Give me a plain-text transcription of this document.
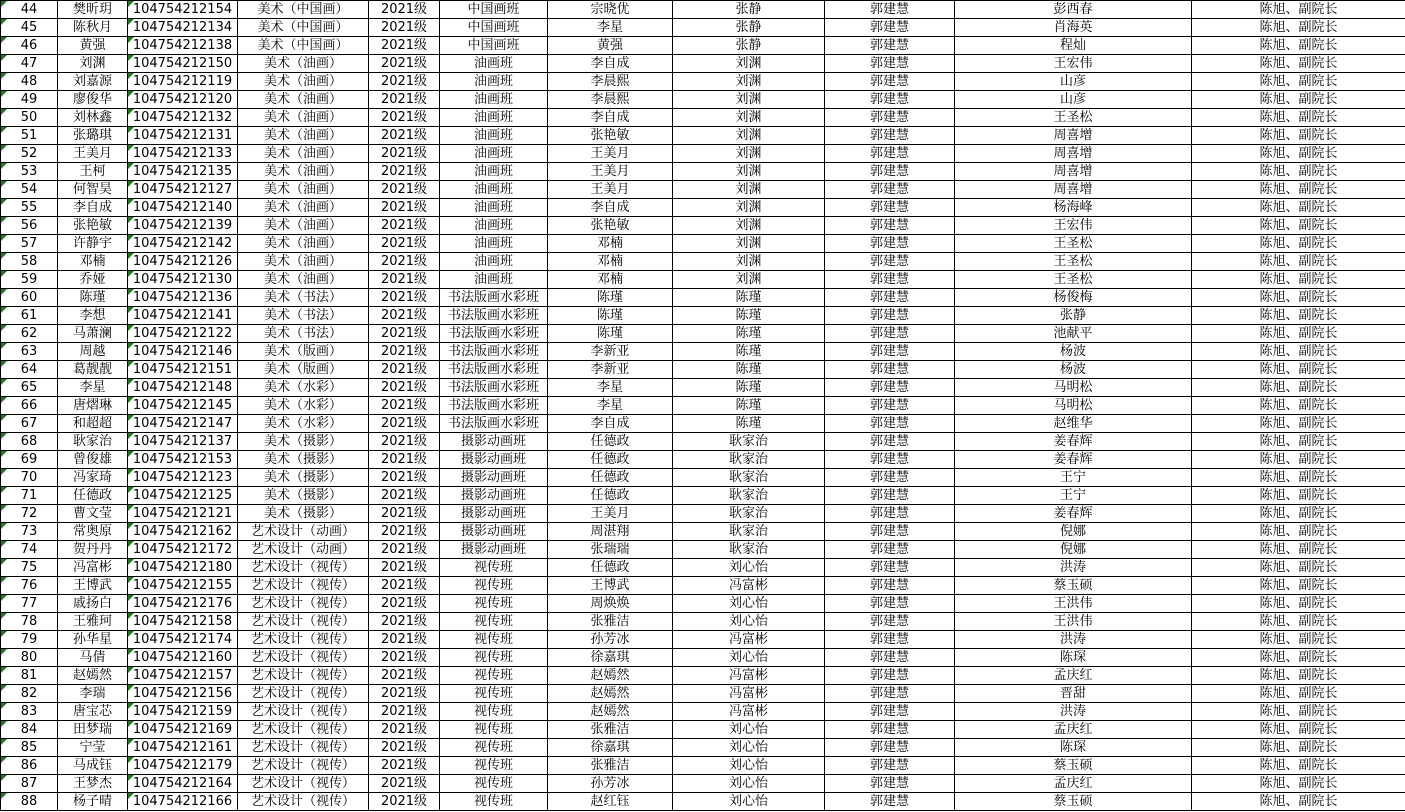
44	樊昕玥	104754212154	美术（中国画）	2021级	中国画班	宗晓优	张静	郭建慧	彭西春	陈旭、副院长
45	陈秋月	104754212134	美术（中国画）	2021级	中国画班	李星	张静	郭建慧	肖海英	陈旭、副院长
46	黄强	104754212138	美术（中国画）	2021级	中国画班	黄强	张静	郭建慧	程灿	陈旭、副院长
47	刘渊	104754212150	美术（油画）	2021级	油画班	李自成	刘渊	郭建慧	王宏伟	陈旭、副院长
48	刘嘉源	104754212119	美术（油画）	2021级	油画班	李晨熙	刘渊	郭建慧	山彦	陈旭、副院长
49	廖俊华	104754212120	美术（油画）	2021级	油画班	李晨熙	刘渊	郭建慧	山彦	陈旭、副院长
50	刘林鑫	104754212132	美术（油画）	2021级	油画班	李自成	刘渊	郭建慧	王圣松	陈旭、副院长
51	张璐琪	104754212131	美术（油画）	2021级	油画班	张艳敏	刘渊	郭建慧	周喜增	陈旭、副院长
52	王美月	104754212133	美术（油画）	2021级	油画班	王美月	刘渊	郭建慧	周喜增	陈旭、副院长
53	王柯	104754212135	美术（油画）	2021级	油画班	王美月	刘渊	郭建慧	周喜增	陈旭、副院长
54	何智昊	104754212127	美术（油画）	2021级	油画班	王美月	刘渊	郭建慧	周喜增	陈旭、副院长
55	李自成	104754212140	美术（油画）	2021级	油画班	李自成	刘渊	郭建慧	杨海峰	陈旭、副院长
56	张艳敏	104754212139	美术（油画）	2021级	油画班	张艳敏	刘渊	郭建慧	王宏伟	陈旭、副院长
57	许静宇	104754212142	美术（油画）	2021级	油画班	邓楠	刘渊	郭建慧	王圣松	陈旭、副院长
58	邓楠	104754212126	美术（油画）	2021级	油画班	邓楠	刘渊	郭建慧	王圣松	陈旭、副院长
59	乔娅	104754212130	美术（油画）	2021级	油画班	邓楠	刘渊	郭建慧	王圣松	陈旭、副院长
60	陈瑾	104754212136	美术（书法）	2021级	书法版画水彩班	陈瑾	陈瑾	郭建慧	杨俊梅	陈旭、副院长
61	李想	104754212141	美术（书法）	2021级	书法版画水彩班	陈瑾	陈瑾	郭建慧	张静	陈旭、副院长
62	马萧澜	104754212122	美术（书法）	2021级	书法版画水彩班	陈瑾	陈瑾	郭建慧	池献平	陈旭、副院长
63	周越	104754212146	美术（版画）	2021级	书法版画水彩班	李新亚	陈瑾	郭建慧	杨波	陈旭、副院长
64	葛靓靓	104754212151	美术（版画）	2021级	书法版画水彩班	李新亚	陈瑾	郭建慧	杨波	陈旭、副院长
65	李星	104754212148	美术（水彩）	2021级	书法版画水彩班	李星	陈瑾	郭建慧	马明松	陈旭、副院长
66	唐熠琳	104754212145	美术（水彩）	2021级	书法版画水彩班	李星	陈瑾	郭建慧	马明松	陈旭、副院长
67	和超超	104754212147	美术（水彩）	2021级	书法版画水彩班	李自成	陈瑾	郭建慧	赵维华	陈旭、副院长
68	耿家治	104754212137	美术（摄影）	2021级	摄影动画班	任德政	耿家治	郭建慧	姜春辉	陈旭、副院长
69	曾俊雄	104754212153	美术（摄影）	2021级	摄影动画班	任德政	耿家治	郭建慧	姜春辉	陈旭、副院长
70	冯家琦	104754212123	美术（摄影）	2021级	摄影动画班	任德政	耿家治	郭建慧	王宁	陈旭、副院长
71	任德政	104754212125	美术（摄影）	2021级	摄影动画班	任德政	耿家治	郭建慧	王宁	陈旭、副院长
72	曹文莹	104754212121	美术（摄影）	2021级	摄影动画班	王美月	耿家治	郭建慧	姜春辉	陈旭、副院长
73	常奥原	104754212162	艺术设计（动画）	2021级	摄影动画班	周湛翔	耿家治	郭建慧	倪娜	陈旭、副院长
74	贺丹丹	104754212172	艺术设计（动画）	2021级	摄影动画班	张瑞瑞	耿家治	郭建慧	倪娜	陈旭、副院长
75	冯富彬	104754212180	艺术设计（视传）	2021级	视传班	任德政	刘心怡	郭建慧	洪涛	陈旭、副院长
76	王博武	104754212155	艺术设计（视传）	2021级	视传班	王博武	冯富彬	郭建慧	蔡玉硕	陈旭、副院长
77	戚扬白	104754212176	艺术设计（视传）	2021级	视传班	周焕焕	刘心怡	郭建慧	王洪伟	陈旭、副院长
78	王雅珂	104754212158	艺术设计（视传）	2021级	视传班	张雅洁	刘心怡	郭建慧	王洪伟	陈旭、副院长
79	孙华星	104754212174	艺术设计（视传）	2021级	视传班	孙芳冰	冯富彬	郭建慧	洪涛	陈旭、副院长
80	马倩	104754212160	艺术设计（视传）	2021级	视传班	徐嘉琪	刘心怡	郭建慧	陈琛	陈旭、副院长
81	赵嫣然	104754212157	艺术设计（视传）	2021级	视传班	赵嫣然	冯富彬	郭建慧	孟庆红	陈旭、副院长
82	李瑞	104754212156	艺术设计（视传）	2021级	视传班	赵嫣然	冯富彬	郭建慧	晋甜	陈旭、副院长
83	唐宝芯	104754212159	艺术设计（视传）	2021级	视传班	赵嫣然	冯富彬	郭建慧	洪涛	陈旭、副院长
84	田梦瑞	104754212169	艺术设计（视传）	2021级	视传班	张雅洁	刘心怡	郭建慧	孟庆红	陈旭、副院长
85	宁莹	104754212161	艺术设计（视传）	2021级	视传班	徐嘉琪	刘心怡	郭建慧	陈琛	陈旭、副院长
86	马成钰	104754212179	艺术设计（视传）	2021级	视传班	张雅洁	刘心怡	郭建慧	蔡玉硕	陈旭、副院长
87	王梦杰	104754212164	艺术设计（视传）	2021级	视传班	孙芳冰	刘心怡	郭建慧	孟庆红	陈旭、副院长
88	杨子晴	104754212166	艺术设计（视传）	2021级	视传班	赵红钰	刘心怡	郭建慧	蔡玉硕	陈旭、副院长
